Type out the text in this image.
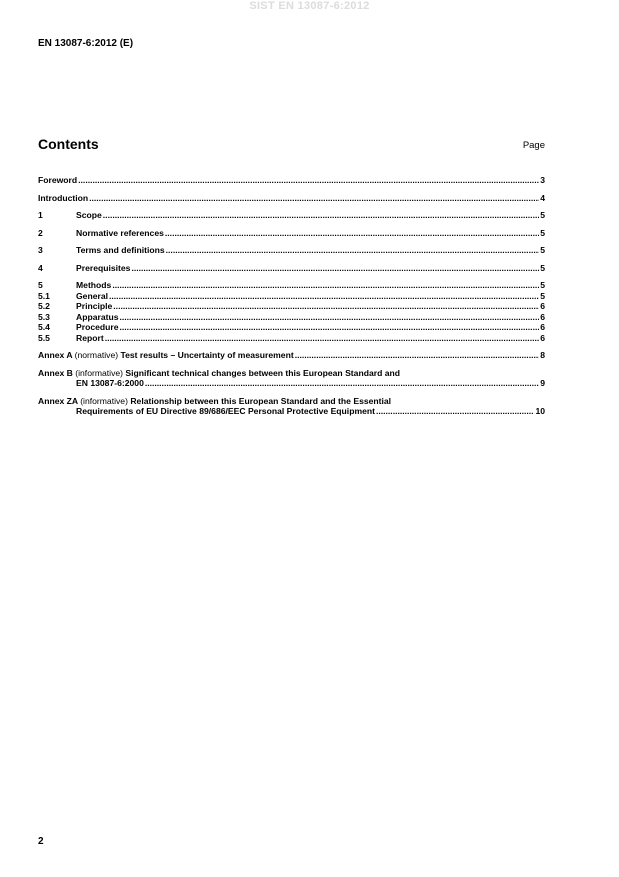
SIST EN 13087-6:2012
EN 13087-6:2012 (E)
Contents	Page
Foreword .....	3
Introduction .....	4
1	Scope .....	5
2	Normative references .....	5
3	Terms and definitions .....	5
4	Prerequisites .....	5
5	Methods .....	5
5.1	General .....	5
5.2	Principle .....	6
5.3	Apparatus .....	6
5.4	Procedure .....	6
5.5	Report .....	6
Annex A (normative) Test results – Uncertainty of measurement .....	8
Annex B (informative) Significant technical changes between this European Standard and
EN 13087-6:2000 .....	9
Annex ZA (informative) Relationship between this European Standard and the Essential
Requirements of EU Directive 89/686/EEC Personal Protective Equipment .....	10
2
